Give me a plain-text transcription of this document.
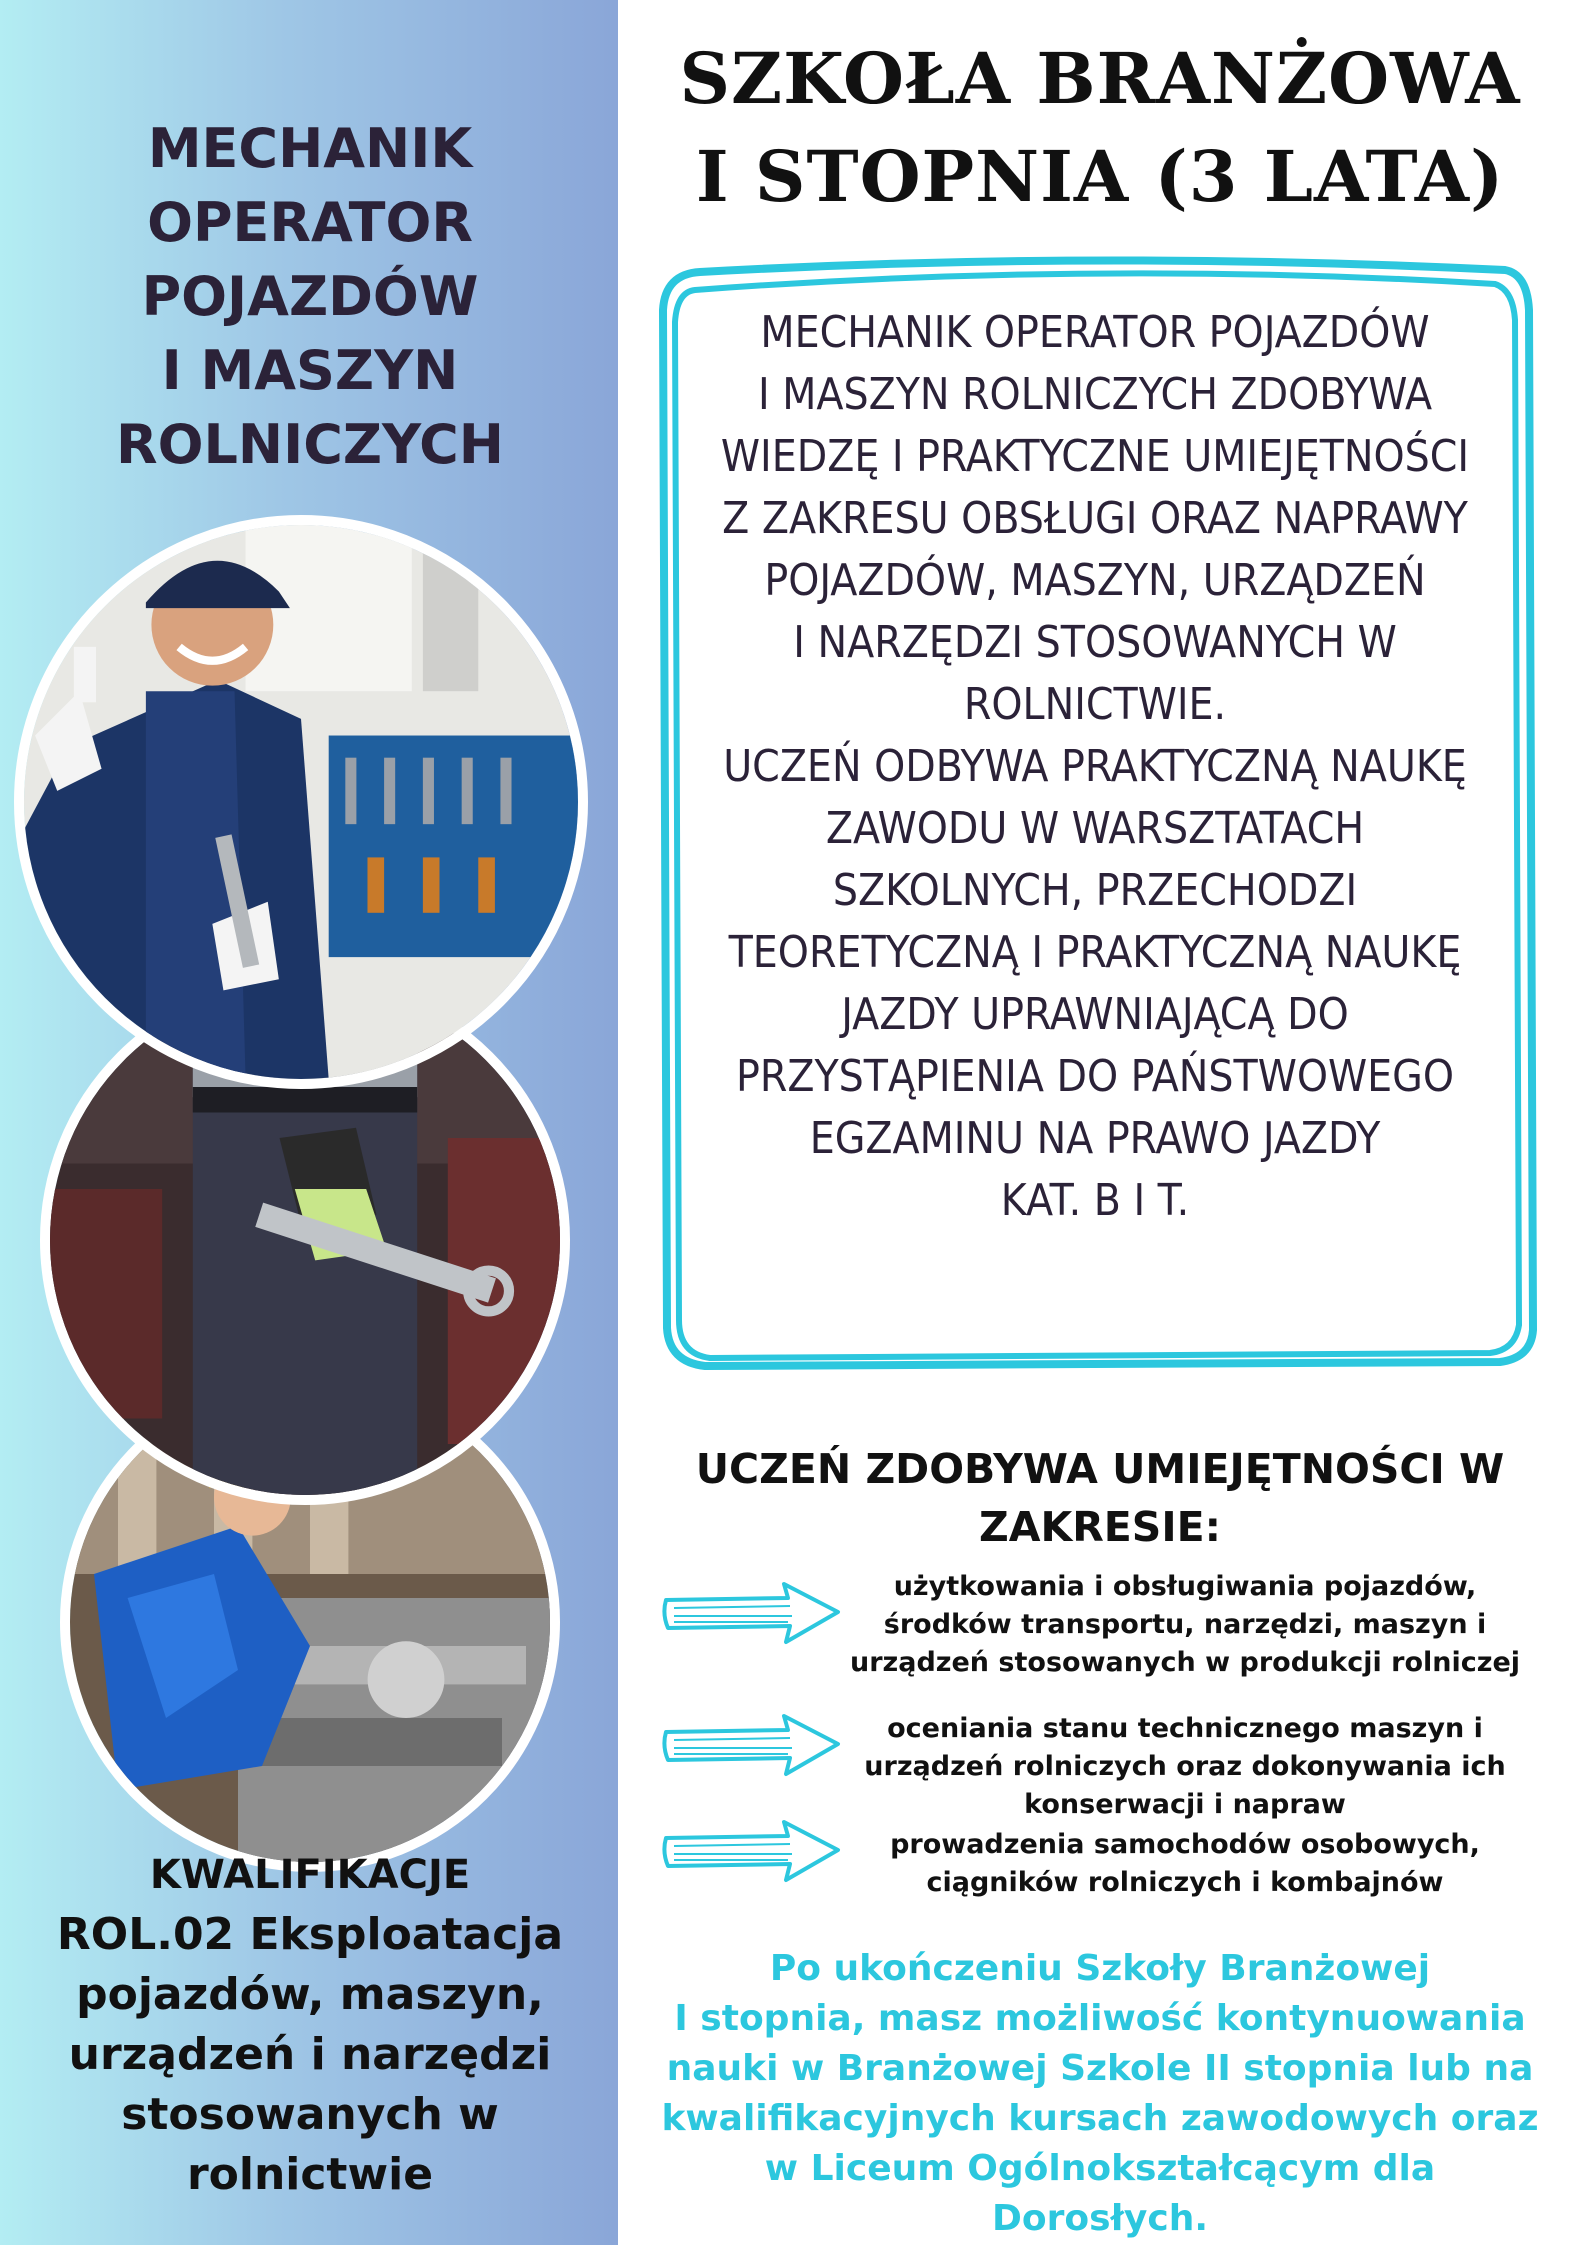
MECHANIK
OPERATOR
POJAZDÓW
I MASZYN
ROLNICZYCH
KWALIFIKACJE
ROL.02 Eksploatacja
pojazdów, maszyn,
urządzeń i narzędzi
stosowanych w
rolnictwie
SZKOŁA BRANŻOWA
I STOPNIA (3 LATA)
MECHANIK OPERATOR POJAZDÓW
I MASZYN ROLNICZYCH ZDOBYWA
WIEDZĘ I PRAKTYCZNE UMIEJĘTNOŚCI
Z ZAKRESU OBSŁUGI ORAZ NAPRAWY
POJAZDÓW, MASZYN, URZĄDZEŃ
I NARZĘDZI STOSOWANYCH W
ROLNICTWIE.
UCZEŃ ODBYWA PRAKTYCZNĄ NAUKĘ
ZAWODU W WARSZTATACH
SZKOLNYCH, PRZECHODZI
TEORETYCZNĄ I PRAKTYCZNĄ NAUKĘ
JAZDY UPRAWNIAJĄCĄ DO
PRZYSTĄPIENIA DO PAŃSTWOWEGO
EGZAMINU NA PRAWO JAZDY
KAT. B I T.
UCZEŃ ZDOBYWA UMIEJĘTNOŚCI W
ZAKRESIE:
użytkowania i obsługiwania pojazdów,
środków transportu, narzędzi, maszyn i
urządzeń stosowanych w produkcji rolniczej
oceniania stanu technicznego maszyn i
urządzeń rolniczych oraz dokonywania ich
konserwacji i napraw
prowadzenia samochodów osobowych,
ciągników rolniczych i kombajnów
Po ukończeniu Szkoły Branżowej
I stopnia, masz możliwość kontynuowania
nauki w Branżowej Szkole II stopnia lub na
kwalifikacyjnych kursach zawodowych oraz
w Liceum Ogólnokształcącym dla
Dorosłych.
